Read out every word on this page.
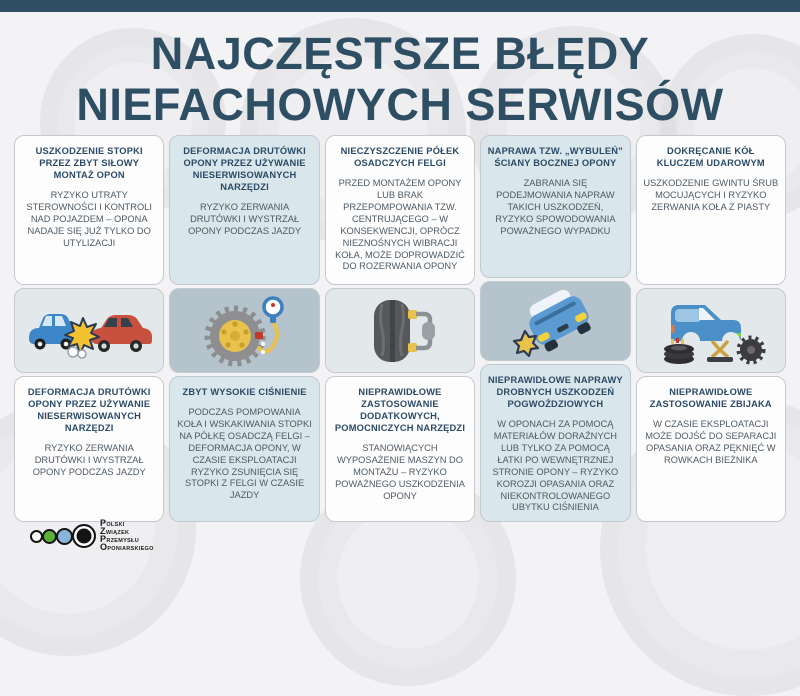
NAJCZĘSTSZE BŁĘDY
NIEFACHOWYCH SERWISÓW
USZKODZENIE STOPKI PRZEZ ZBYT SIŁOWY MONTAŻ OPON
RYZYKO UTRATY STEROWNOŚCI I KONTROLI NAD POJAZDEM – OPONA NADAJE SIĘ JUŻ TYLKO DO UTYLIZACJI
DEFORMACJA DRUTÓWKI OPONY PRZEZ UŻYWANIE NIESERWISOWANYCH NARZĘDZI
RYZYKO ZERWANIA DRUTÓWKI I WYSTRZAŁ OPONY PODCZAS JAZDY
DEFORMACJA DRUTÓWKI OPONY PRZEZ UŻYWANIE NIESERWISOWANYCH NARZĘDZI
RYZYKO ZERWANIA DRUTÓWKI I WYSTRZAŁ OPONY PODCZAS JAZDY
ZBYT WYSOKIE CIŚNIENIE
PODCZAS POMPOWANIA KOŁA I WSKAKIWANIA STOPKI NA PÓŁKĘ OSADCZĄ FELGI – DEFORMACJA OPONY, W CZASIE EKSPLOATACJI RYZYKO ZSUNIĘCIA SIĘ STOPKI Z FELGI W CZASIE JAZDY
NIECZYSZCZENIE PÓŁEK OSADCZYCH FELGI
PRZED MONTAŻEM OPONY LUB BRAK PRZEPOMPOWANIA TZW. CENTRUJĄCEGO – W KONSEKWENCJI, OPRÓCZ NIEZNOŚNYCH WIBRACJI KOŁA, MOŻE DOPROWADZIĆ DO ROZERWANIA OPONY
NIEPRAWIDŁOWE ZASTOSOWANIE DODATKOWYCH, POMOCNICZYCH NARZĘDZI
STANOWIĄCYCH WYPOSAŻENIE MASZYN DO MONTAŻU – RYZYKO POWAŻNEGO USZKODZENIA OPONY
NAPRAWA TZW. „WYBULEŃ” ŚCIANY BOCZNEJ OPONY
ZABRANIA SIĘ PODEJMOWANIA NAPRAW TAKICH USZKODZEŃ, RYZYKO SPOWODOWANIA POWAŻNEGO WYPADKU
NIEPRAWIDŁOWE NAPRAWY DROBNYCH USZKODZEŃ POGWOŹDZIOWYCH
W OPONACH ZA POMOCĄ MATERIAŁÓW DORAŹNYCH LUB TYLKO ZA POMOCĄ ŁATKI PO WEWNĘTRZNEJ STRONIE OPONY – RYZYKO KOROZJI OPASANIA ORAZ NIEKONTROLOWANEGO UBYTKU CIŚNIENIA
DOKRĘCANIE KÓŁ KLUCZEM UDAROWYM
USZKODZENIE GWINTU ŚRUB MOCUJĄCYCH I RYZYKO ZERWANIA KOŁA Z PIASTY
NIEPRAWIDŁOWE ZASTOSOWANIE ZBIJAKA
W CZASIE EKSPLOATACJI MOŻE DOJŚĆ DO SEPARACJI OPASANIA ORAZ PĘKNIĘĆ W ROWKACH BIEŻNIKA
POLSKI
ZWIĄZEK
PRZEMYSŁU
OPONIARSKIEGO
